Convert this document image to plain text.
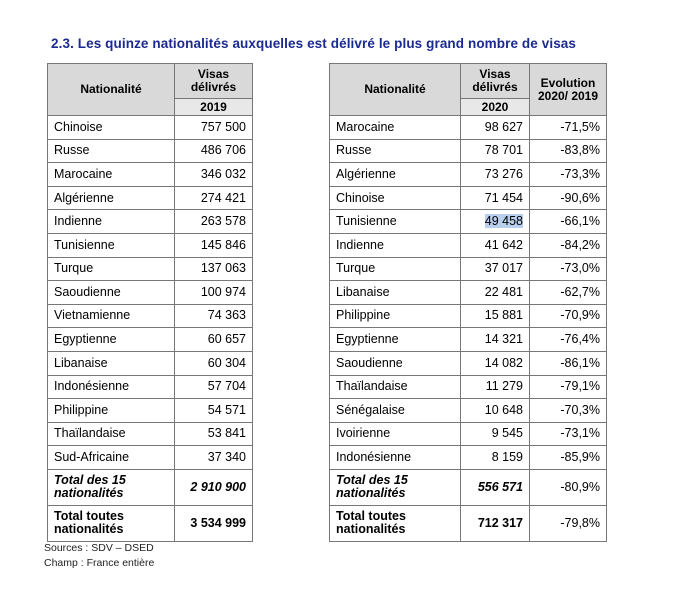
2.3. Les quinze nationalités auxquelles est délivré le plus grand nombre de visas
Nationalité	Visas délivrés
	2019
Chinoise	757 500
Russe	486 706
Marocaine	346 032
Algérienne	274 421
Indienne	263 578
Tunisienne	145 846
Turque	137 063
Saoudienne	100 974
Vietnamienne	74 363
Egyptienne	60 657
Libanaise	60 304
Indonésienne	57 704
Philippine	54 571
Thaïlandaise	53 841
Sud-Africaine	37 340
Total des 15 nationalités	2 910 900
Total toutes nationalités	3 534 999
Nationalité	Visas délivrés	Evolution 2020/ 2019
	2020	
Marocaine	98 627	-71,5%
Russe	78 701	-83,8%
Algérienne	73 276	-73,3%
Chinoise	71 454	-90,6%
Tunisienne	49 458	-66,1%
Indienne	41 642	-84,2%
Turque	37 017	-73,0%
Libanaise	22 481	-62,7%
Philippine	15 881	-70,9%
Egyptienne	14 321	-76,4%
Saoudienne	14 082	-86,1%
Thaïlandaise	11 279	-79,1%
Sénégalaise	10 648	-70,3%
Ivoirienne	9 545	-73,1%
Indonésienne	8 159	-85,9%
Total des 15 nationalités	556 571	-80,9%
Total toutes nationalités	712 317	-79,8%
Sources : SDV – DSED
Champ : France entière
